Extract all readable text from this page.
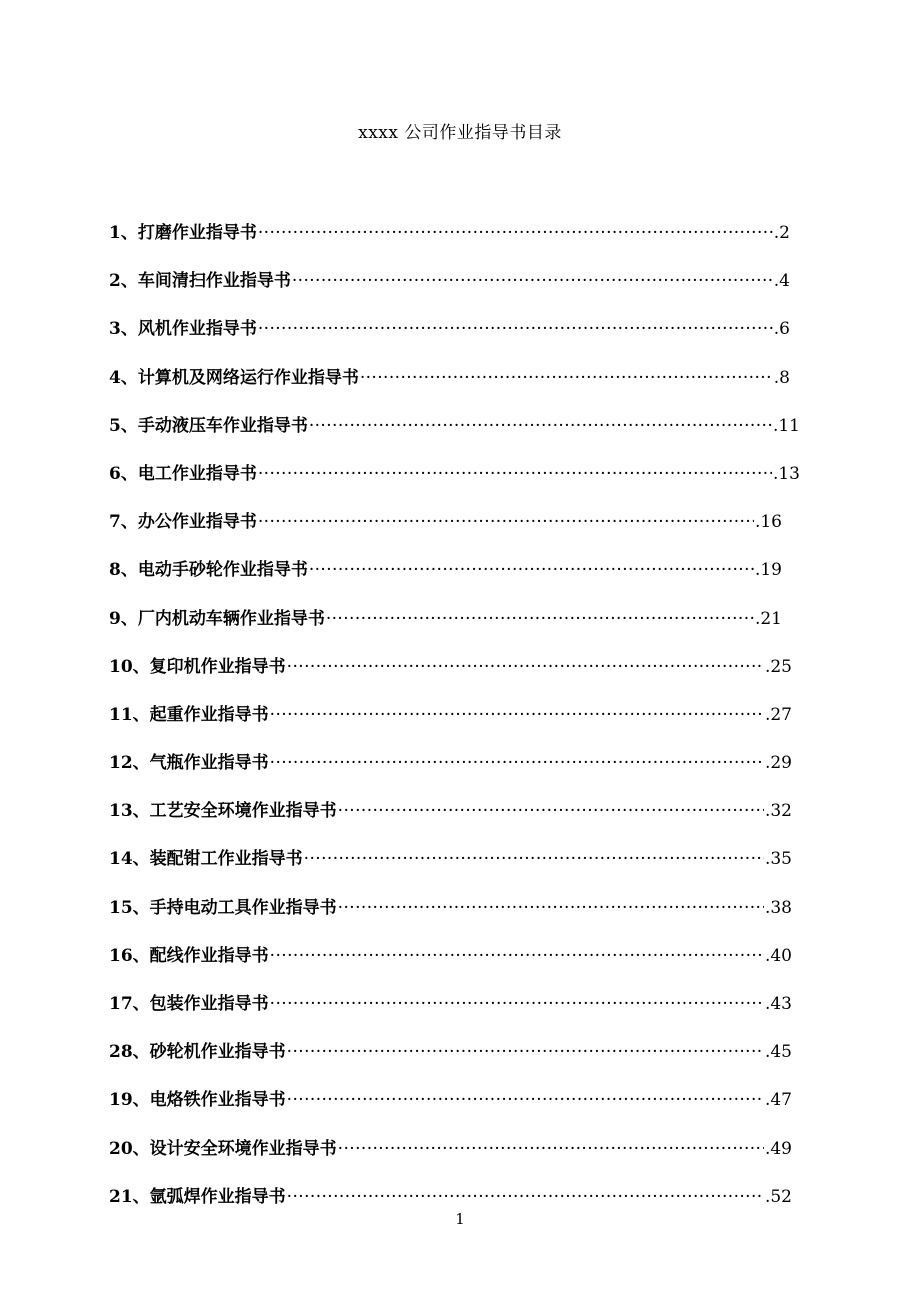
xxxx 公司作业指导书目录
1、打磨作业指导书 ·····	.2
2、车间清扫作业指导书 ·····	.4
3、风机作业指导书 ·····	.6
4、计算机及网络运行作业指导书 ·····	.8
5、手动液压车作业指导书 ·····	.11
6、电工作业指导书 ·····	.13
7、办公作业指导书 ·····	.16
8、电动手砂轮作业指导书 ·····	.19
9、厂内机动车辆作业指导书 ·····	.21
10、复印机作业指导书 ·····	.25
11、起重作业指导书 ·····	.27
12、气瓶作业指导书 ·····	.29
13、工艺安全环境作业指导书 ·····	.32
14、装配钳工作业指导书 ·····	.35
15、手持电动工具作业指导书 ·····	.38
16、配线作业指导书 ·····	.40
17、包装作业指导书 ·····	.43
28、砂轮机作业指导书 ·····	.45
19、电烙铁作业指导书 ·····	.47
20、设计安全环境作业指导书 ·····	.49
21、氩弧焊作业指导书 ·····	.52
1
